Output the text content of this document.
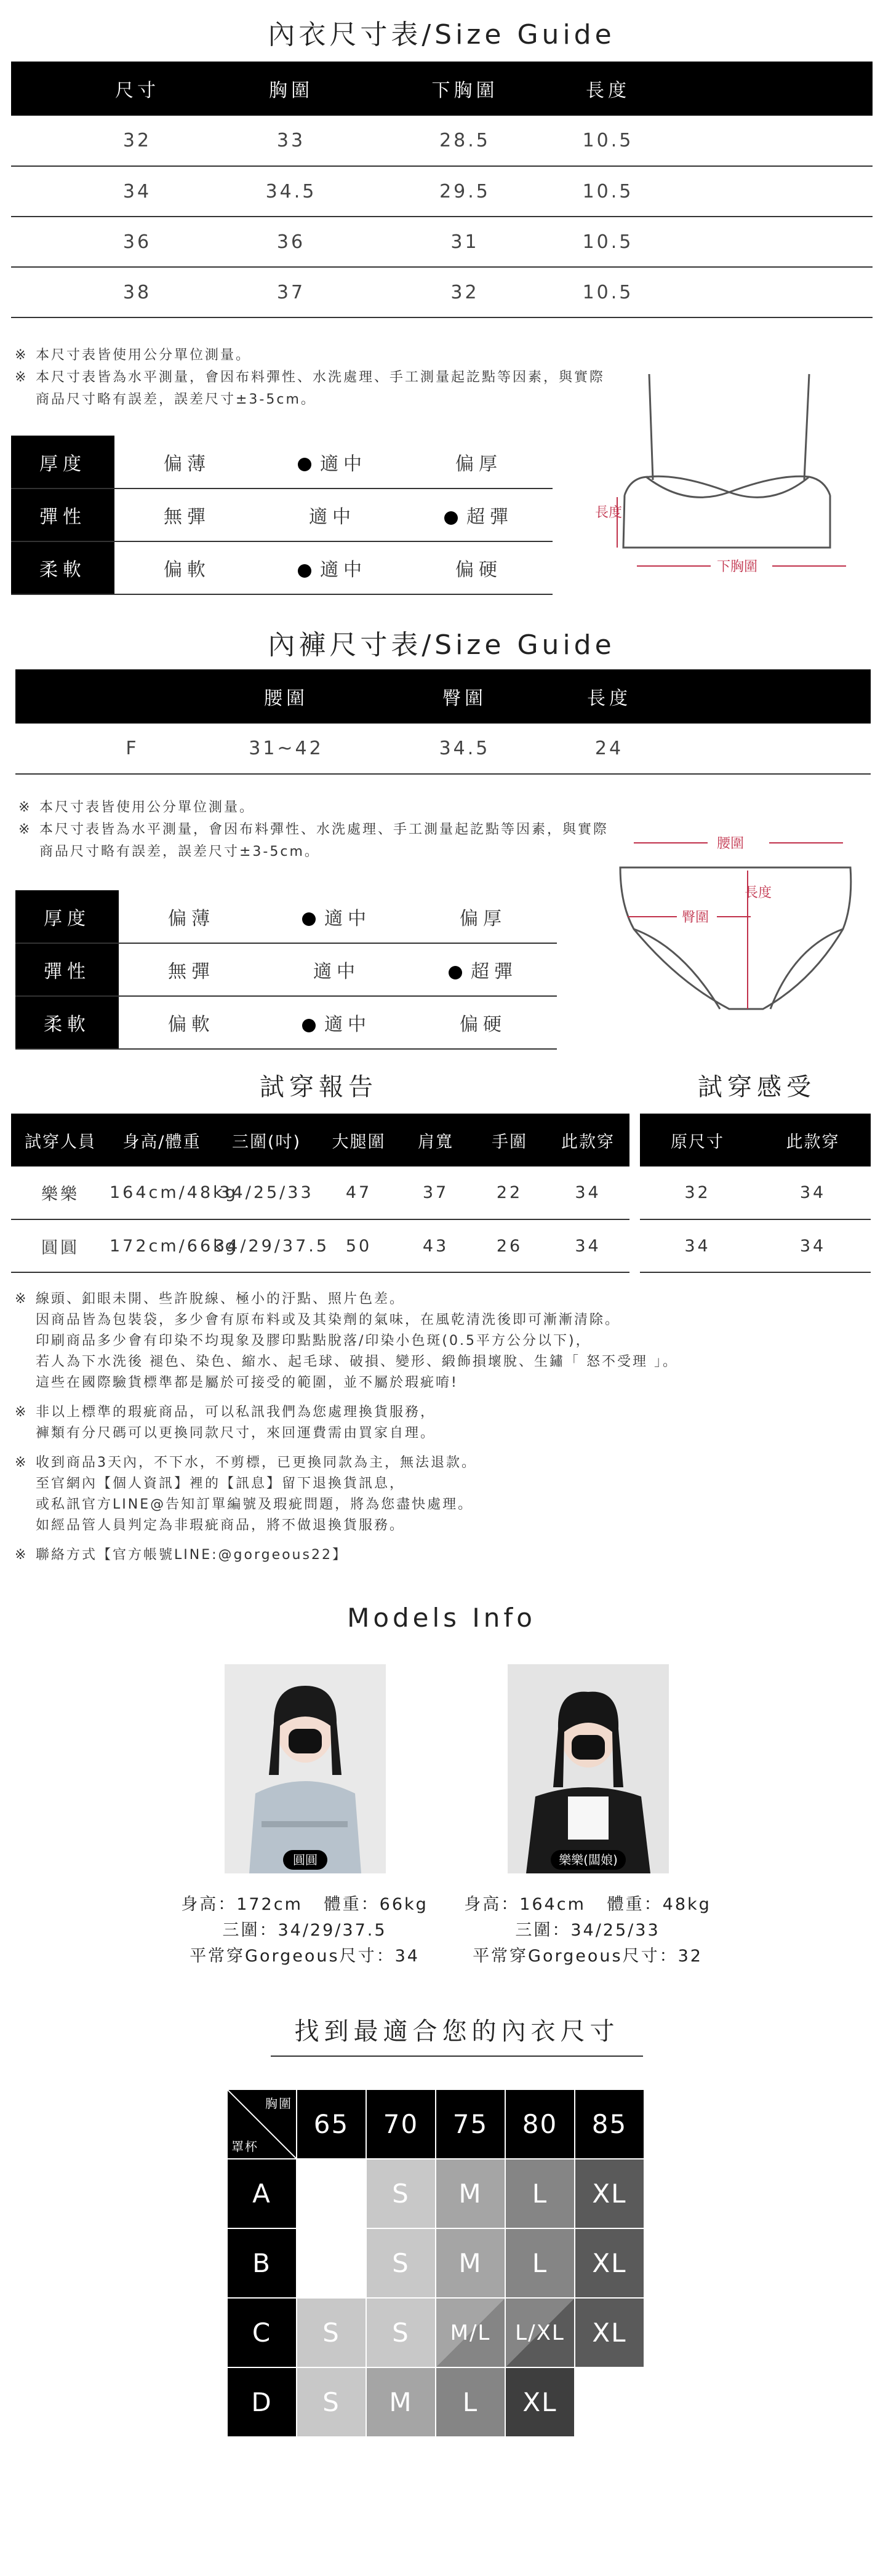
內衣尺寸表/Size Guide
	尺寸	胸圍	下胸圍	長度	
	32	33	28.5	10.5	
	34	34.5	29.5	10.5	
	36	36	31	10.5	
	38	37	32	10.5	

※ 本尺寸表皆使用公分單位測量。

※ 本尺寸表皆為水平測量，會因布料彈性、水洗處理、手工測量起訖點等因素，與實際商品尺寸略有誤差，誤差尺寸±3-5cm。

厚度	偏薄	適中	偏厚
彈性	無彈	適中	超彈
柔軟	偏軟	適中	偏硬
長度
下胸圍
內褲尺寸表/Size Guide
		腰圍	臀圍	長度	
	F	31~42	34.5	24	

※ 本尺寸表皆使用公分單位測量。

※ 本尺寸表皆為水平測量，會因布料彈性、水洗處理、手工測量起訖點等因素，與實際商品尺寸略有誤差，誤差尺寸±3-5cm。

厚度	偏薄	適中	偏厚
彈性	無彈	適中	超彈
柔軟	偏軟	適中	偏硬
腰圍
臀圍
長度
試穿報告	試穿感受
試穿人員	身高/體重	三圍(吋)	大腿圍	肩寬	手圍	此款穿
樂樂	164cm/48kg	34/25/33	47	37	22	34
圓圓	172cm/66kg	34/29/37.5	50	43	26	34
原尺寸	此款穿
32	34
34	34

※ 線頭、釦眼未開、些許脫線、極小的汙點、照片色差。

因商品皆為包裝袋，多少會有原布料或及其染劑的氣味，在風乾清洗後即可漸漸清除。

印刷商品多少會有印染不均現象及膠印點點脫落/印染小色斑(0.5平方公分以下)，

若人為下水洗後 褪色、染色、縮水、起毛球、破損、變形、緞飾損壞脫、生鏽「 怒不受理 」。

這些在國際驗貨標準都是屬於可接受的範圍，並不屬於瑕疵唷!

※ 非以上標準的瑕疵商品，可以私訊我們為您處理換貨服務，

褲類有分尺碼可以更換同款尺寸，來回運費需由買家自理。

※ 收到商品3天內，不下水，不剪標，已更換同款為主，無法退款。

至官網內【個人資訊】裡的【訊息】留下退換貨訊息，

或私訊官方LINE@告知訂單編號及瑕疵問題，將為您盡快處理。

如經品管人員判定為非瑕疵商品，將不做退換貨服務。

※ 聯絡方式【官方帳號LINE:@gorgeous22】

Models Info
圓圓
身高：172cm 體重：66kg
三圍：34/29/37.5
平常穿Gorgeous尺寸：34
樂樂(闆娘)
身高：164cm 體重：48kg
三圍：34/25/33
平常穿Gorgeous尺寸：32
找到最適合您的內衣尺寸
胸圍
罩杯	65	70	75	80	85
A		S	M	L	XL
B		S	M	L	XL
C	S	S	M/L	L/XL	XL
D	S	M	L	XL	
